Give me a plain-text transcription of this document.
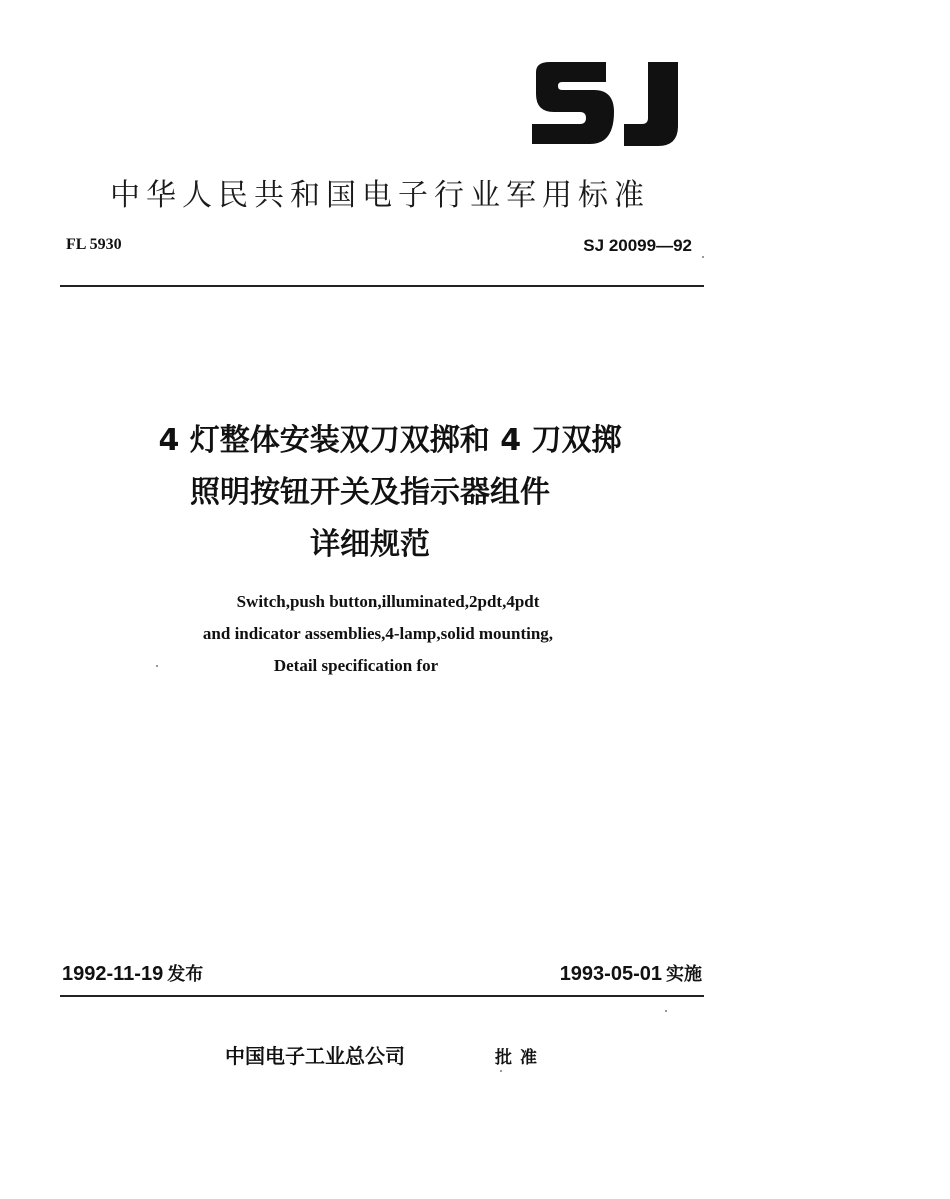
中华人民共和国电子行业军用标准
FL 5930	SJ 20099—92
4 灯整体安装双刀双掷和 4 刀双掷
照明按钮开关及指示器组件
详细规范
Switch,push button,illuminated,2pdt,4pdt
and indicator assemblies,4-lamp,solid mounting,
Detail specification for
1992-11-19 发布	1993-05-01 实施
中国电子工业总公司	批准
